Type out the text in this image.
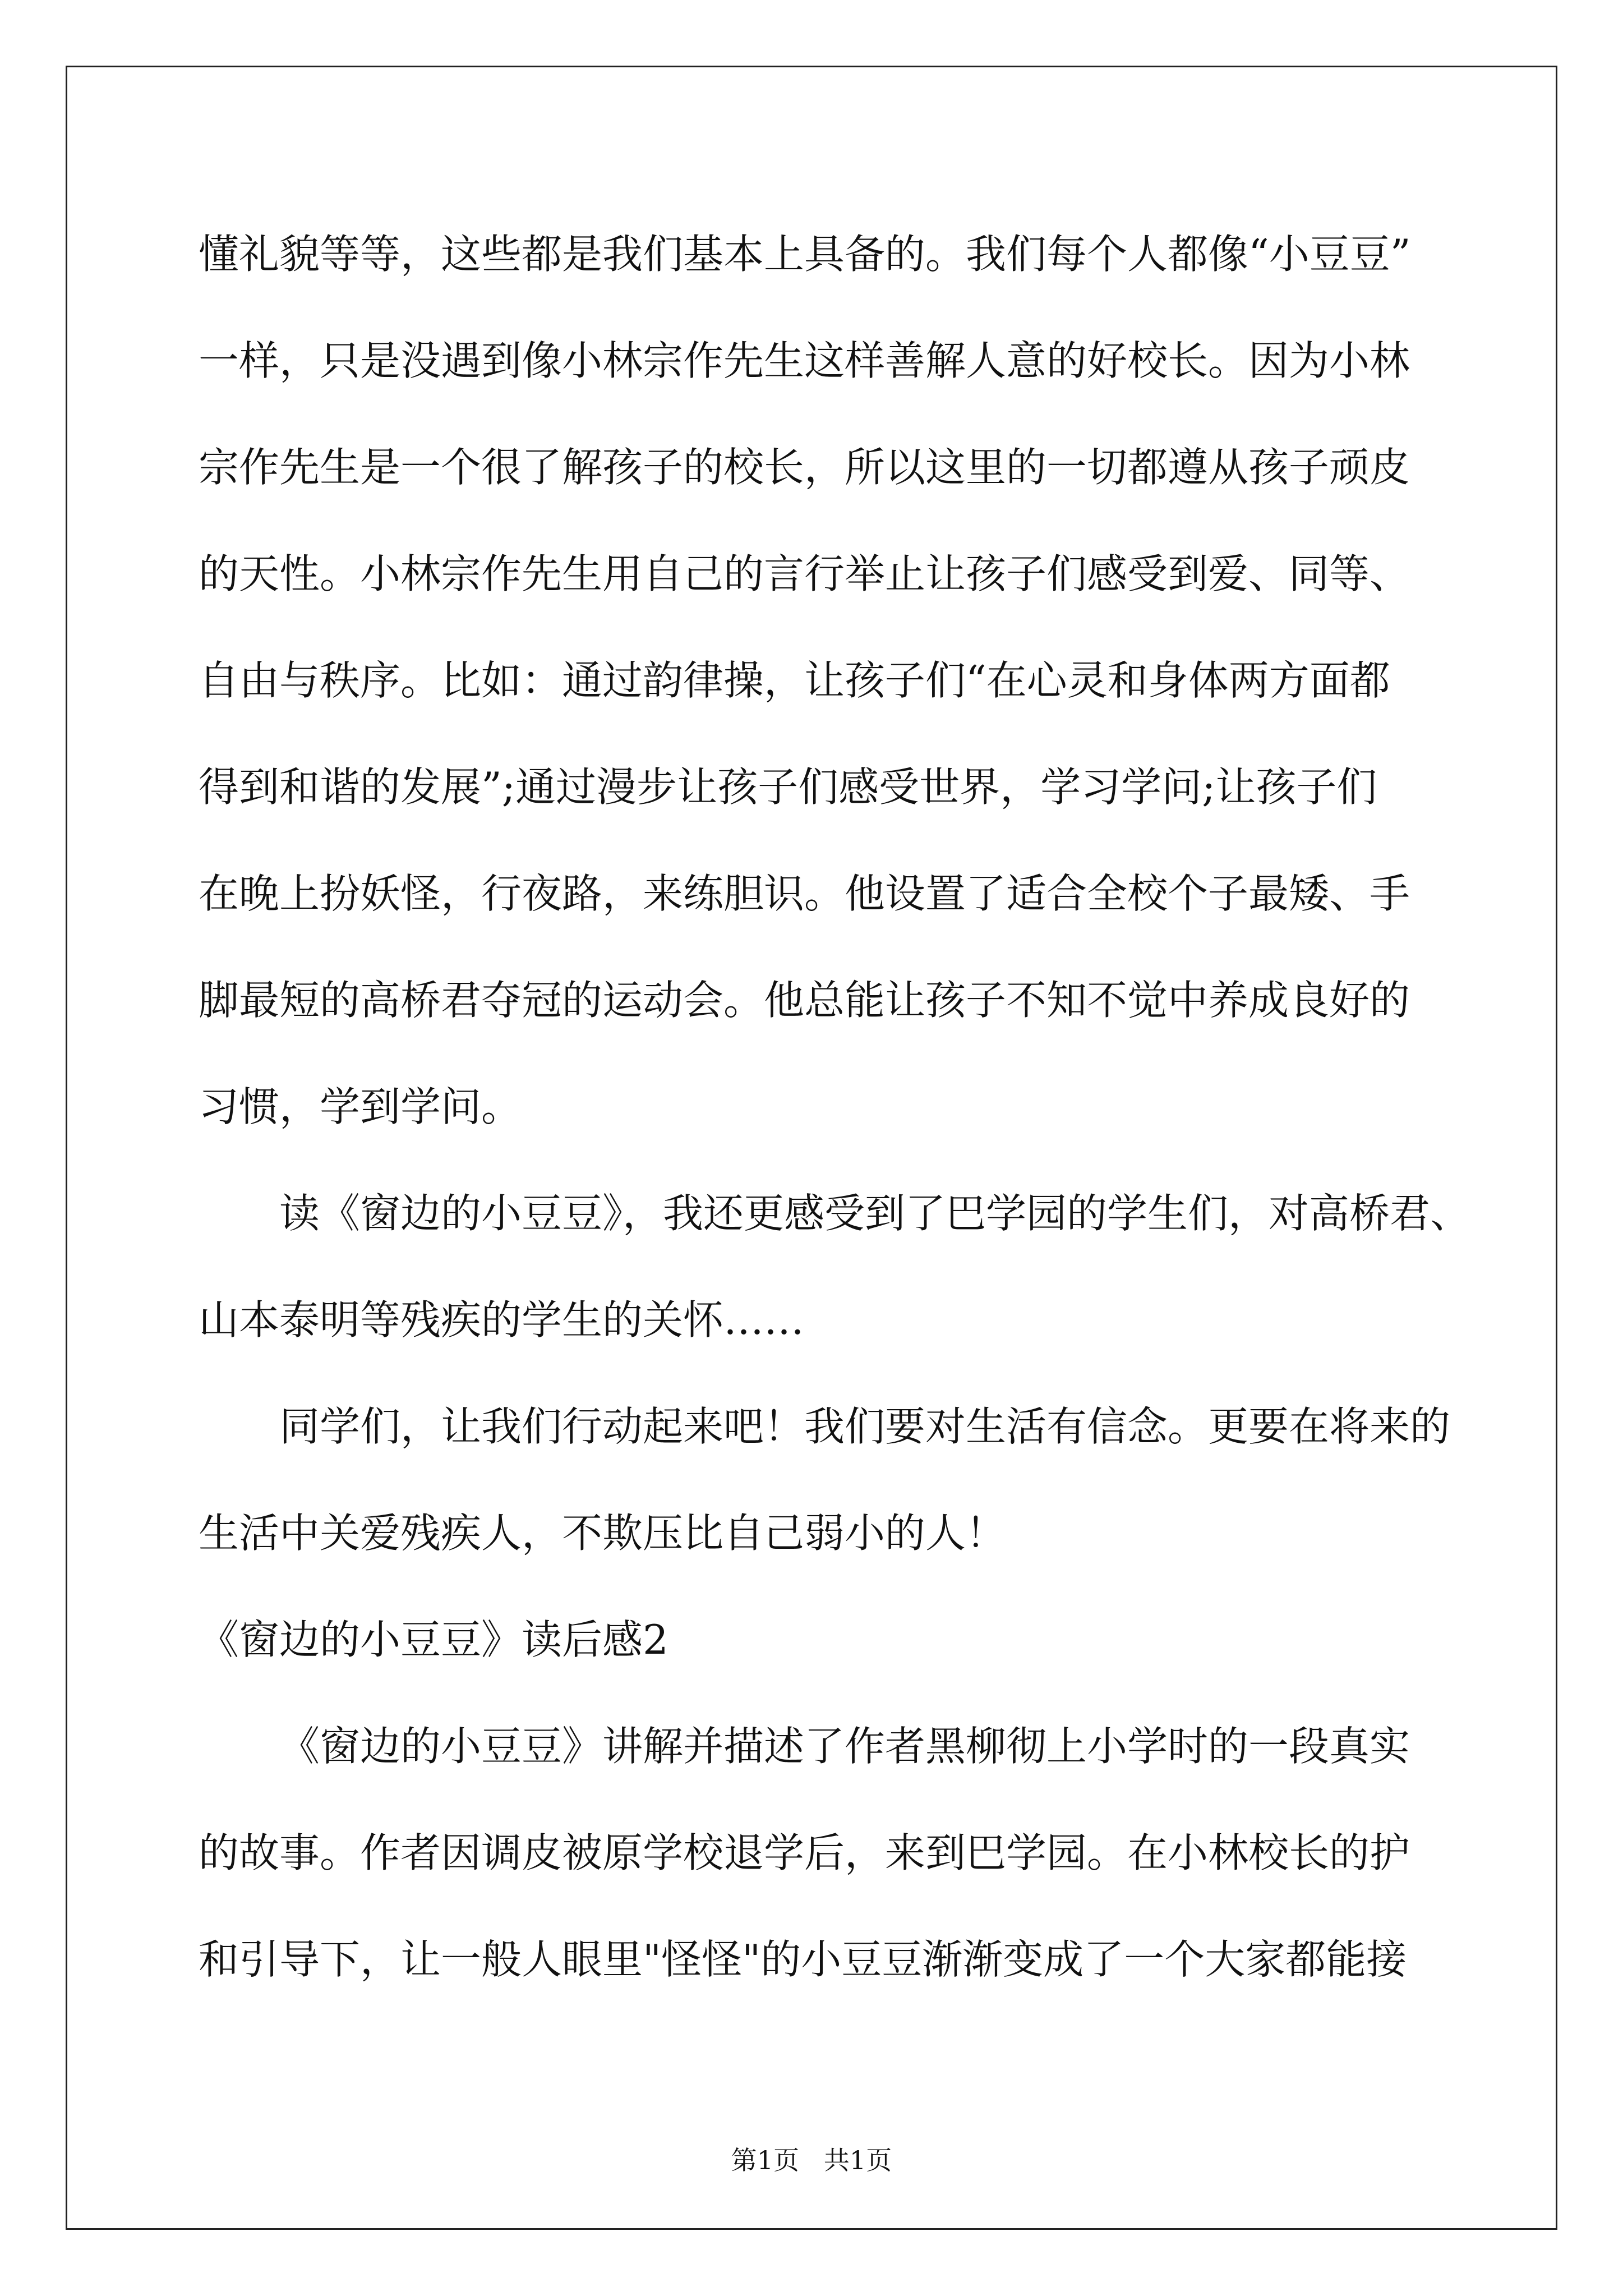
懂礼貌等等，这些都是我们基本上具备的。我们每个人都像“小豆豆”
一样，只是没遇到像小林宗作先生这样善解人意的好校长。因为小林
宗作先生是一个很了解孩子的校长，所以这里的一切都遵从孩子顽皮
的天性。小林宗作先生用自己的言行举止让孩子们感受到爱、同等、
自由与秩序。比如：通过韵律操，让孩子们“在心灵和身体两方面都
得到和谐的发展”;通过漫步让孩子们感受世界，学习学问;让孩子们
在晚上扮妖怪，行夜路，来练胆识。他设置了适合全校个子最矮、手
脚最短的高桥君夺冠的运动会。他总能让孩子不知不觉中养成良好的
习惯，学到学问。
读《窗边的小豆豆》，我还更感受到了巴学园的学生们，对高桥君、
山本泰明等残疾的学生的关怀……
同学们，让我们行动起来吧！我们要对生活有信念。更要在将来的
生活中关爱残疾人，不欺压比自己弱小的人！
《窗边的小豆豆》读后感2
《窗边的小豆豆》讲解并描述了作者黑柳彻上小学时的一段真实
的故事。作者因调皮被原学校退学后，来到巴学园。在小林校长的护
和引导下，让一般人眼里"怪怪"的小豆豆渐渐变成了一个大家都能接
第1页   共1页
